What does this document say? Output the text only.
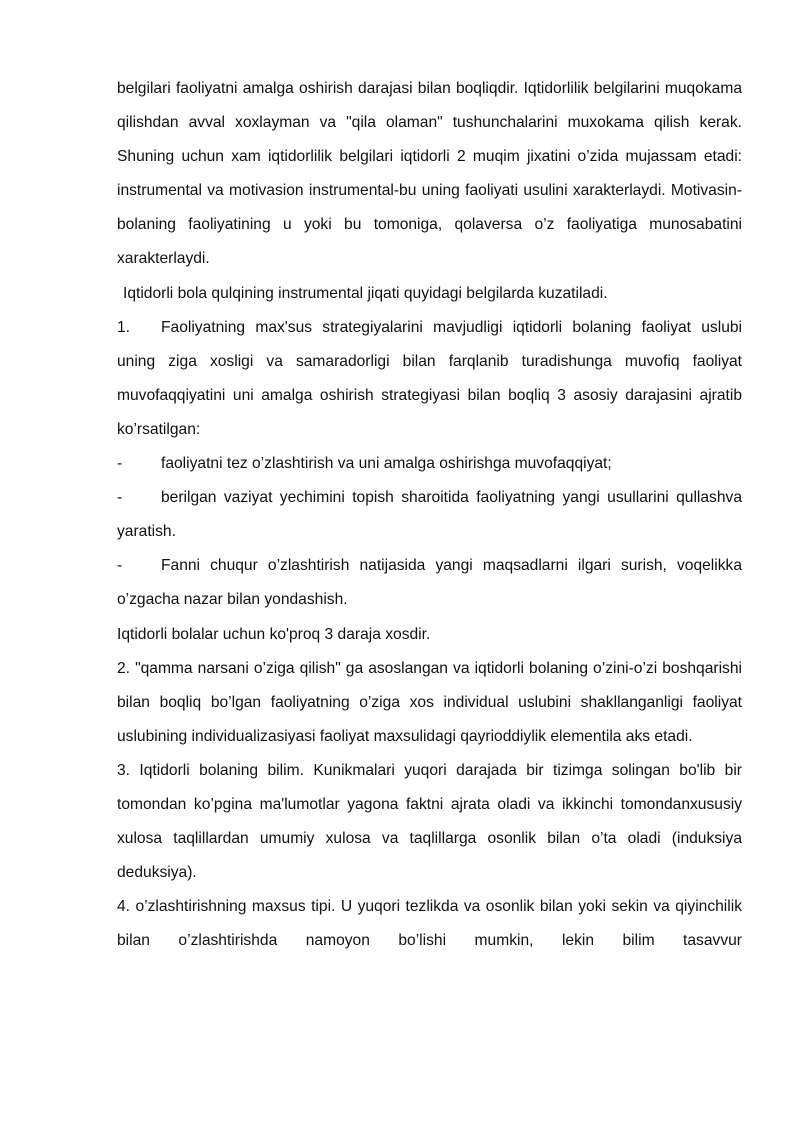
belgilari faoliyatni amalga oshirish darajasi bilan boqliqdir. Iqtidorlilik belgilarini muqokama qilishdan avval xoxlayman va "qila olaman" tushunchalarini muxokama qilish kerak. Shuning uchun xam iqtidorlilik belgilari iqtidorli 2 muqim jixatini o’zida mujassam etadi: instrumental va motivasion instrumental-bu uning faoliyati usulini xarakterlaydi. Motivasin-bolaning faoliyatining u yoki bu tomoniga, qolaversa o’z faoliyatiga munosabatini xarakterlaydi.

Iqtidorli bola qulqining instrumental jiqati quyidagi belgilarda kuzatiladi.

1. Faoliyatning max'sus strategiyalarini mavjudligi iqtidorli bolaning faoliyat uslubi uning ziga xosligi va samaradorligi bilan farqlanib turadishunga muvofiq faoliyat muvofaqqiyatini uni amalga oshirish strategiyasi bilan boqliq 3 asosiy darajasini ajratib ko’rsatilgan:

- faoliyatni tez o’zlashtirish va uni amalga oshirishga muvofaqqiyat;

- berilgan vaziyat yechimini topish sharoitida faoliyatning yangi usullarini qullashva yaratish.

- Fanni chuqur o’zlashtirish natijasida yangi maqsadlarni ilgari surish, voqelikka o’zgacha nazar bilan yondashish.

Iqtidorli bolalar uchun ko'proq 3 daraja xosdir.

2. "qamma narsani o’ziga qilish" ga asoslangan va iqtidorli bolaning o’zini-o’zi boshqarishi bilan boqliq bo’lgan faoliyatning o’ziga xos individual uslubini shakllanganligi faoliyat uslubining individualizasiyasi faoliyat maxsulidagi qayrioddiylik elementila aks etadi.

3. Iqtidorli bolaning bilim. Kunikmalari yuqori darajada bir tizimga solingan bo'lib bir tomondan ko’pgina ma'lumotlar yagona faktni ajrata oladi va ikkinchi tomondanxususiy xulosa taqlillardan umumiy xulosa va taqlillarga osonlik bilan o’ta oladi (induksiya deduksiya).

4. o’zlashtirishning maxsus tipi. U yuqori tezlikda va osonlik bilan yoki sekin va qiyinchilik bilan o’zlashtirishda namoyon bo’lishi mumkin, lekin bilim tasavvur
